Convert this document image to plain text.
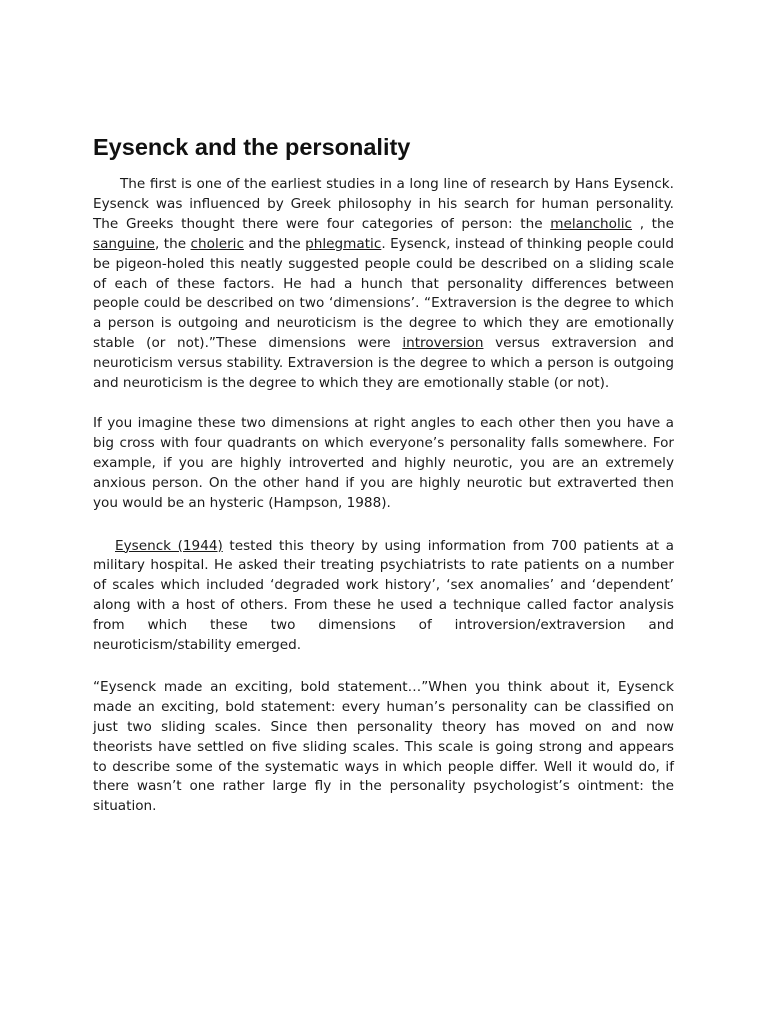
Eysenck and the personality

The first is one of the earliest studies in a long line of research by Hans Eysenck. Eysenck was influenced by Greek philosophy in his search for human personality. The Greeks thought there were four categories of person: the melancholic , the sanguine, the choleric and the phlegmatic. Eysenck, instead of thinking people could be pigeon-holed this neatly suggested people could be described on a sliding scale of each of these factors. He had a hunch that personality differences between people could be described on two ‘dimensions’. “Extraversion is the degree to which a person is outgoing and neuroticism is the degree to which they are emotionally stable (or not).”These dimensions were introversion versus extraversion and neuroticism versus stability. Extraversion is the degree to which a person is outgoing and neuroticism is the degree to which they are emotionally stable (or not).

If you imagine these two dimensions at right angles to each other then you have a big cross with four quadrants on which everyone’s personality falls somewhere. For example, if you are highly introverted and highly neurotic, you are an extremely anxious person. On the other hand if you are highly neurotic but extraverted then you would be an hysteric (Hampson, 1988).

Eysenck (1944) tested this theory by using information from 700 patients at a military hospital. He asked their treating psychiatrists to rate patients on a number of scales which included ‘degraded work history’, ‘sex anomalies’ and ‘dependent’ along with a host of others. From these he used a technique called factor analysis from which these two dimensions of introversion/extraversion and neuroticism/stability emerged.

“Eysenck made an exciting, bold statement…”When you think about it, Eysenck made an exciting, bold statement: every human’s personality can be classified on just two sliding scales. Since then personality theory has moved on and now theorists have settled on five sliding scales. This scale is going strong and appears to describe some of the systematic ways in which people differ. Well it would do, if there wasn’t one rather large fly in the personality psychologist’s ointment: the situation.
